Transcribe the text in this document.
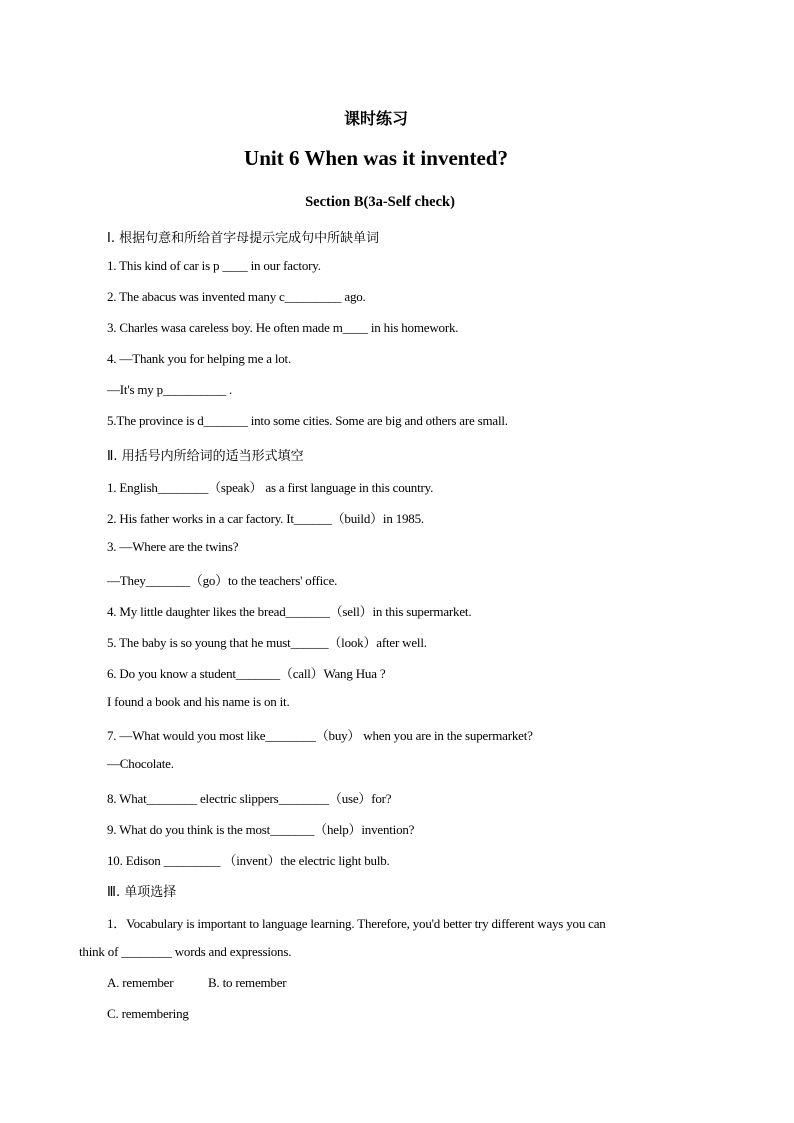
课时练习
Unit 6 When was it invented?
Section B(3a-Self check)
Ⅰ. 根据句意和所给首字母提示完成句中所缺单词
1. This kind of car is p ____ in our factory.
2. The abacus was invented many c_________ ago.
3. Charles wasa careless boy. He often made m____ in his homework.
4. —Thank you for helping me a lot.
—It's my p__________ .
5.The province is d_______ into some cities. Some are big and others are small.
Ⅱ. 用括号内所给词的适当形式填空
1. English________（speak） as a first language in this country.
2. His father works in a car factory. It______（build）in 1985.
3. —Where are the twins?
—They_______（go）to the teachers' office.
4. My little daughter likes the bread_______（sell）in this supermarket.
5. The baby is so young that he must______（look）after well.
6. Do you know a student_______（call）Wang Hua ?
I found a book and his name is on it.
7. —What would you most like________（buy） when you are in the supermarket?
—Chocolate.
8. What________ electric slippers________（use）for?
9. What do you think is the most_______（help）invention?
10. Edison _________ （invent）the electric light bulb.
Ⅲ. 单项选择
1．Vocabulary is important to language learning. Therefore, you'd better try different ways you can
think of ________ words and expressions.
A. remember	B. to remember
C. remembering
